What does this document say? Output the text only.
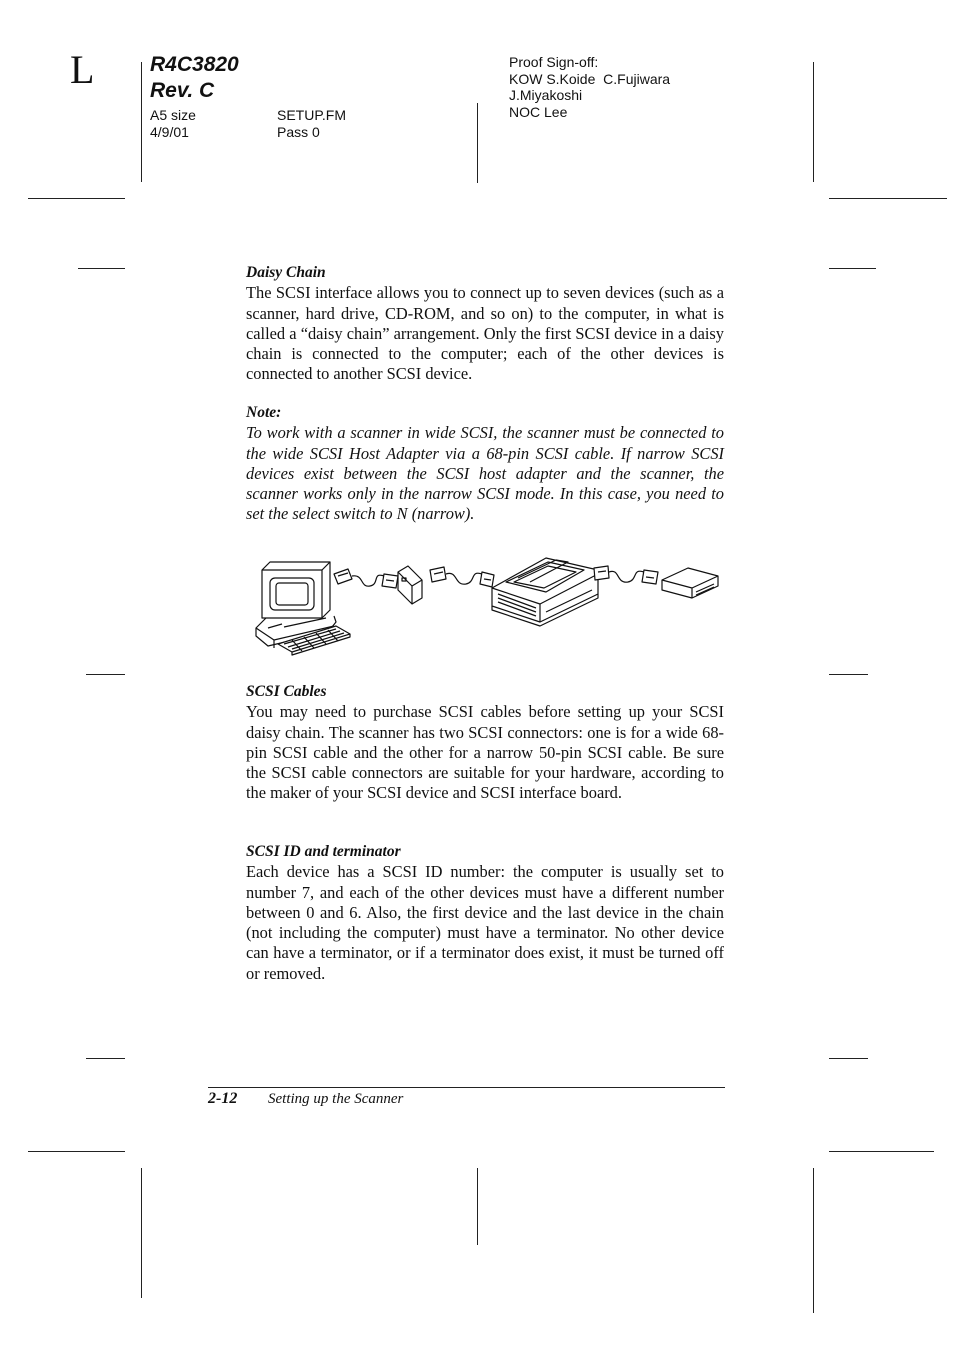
L	R4C3820
Rev. C
A5 size
4/9/01
SETUP.FM
Pass 0
Proof Sign-off:
KOW S.Koide  C.Fujiwara
J.Miyakoshi
NOC Lee

Daisy Chain

The SCSI interface allows you to connect up to seven devices (such as a scanner, hard drive, CD-ROM, and so on) to the computer, in what is called a “daisy chain” arrangement. Only the first SCSI device in a daisy chain is connected to the computer; each of the other devices is connected to another SCSI device.

Note:

To work with a scanner in wide SCSI, the scanner must be connected to the wide SCSI Host Adapter via a 68-pin SCSI cable. If narrow SCSI devices exist between the SCSI host adapter and the scanner, the scanner works only in the narrow SCSI mode. In this case, you need to set the select switch to N (narrow).

SCSI Cables

You may need to purchase SCSI cables before setting up your SCSI daisy chain. The scanner has two SCSI connectors: one is for a wide 68-pin SCSI cable and the other for a narrow 50-pin SCSI cable. Be sure the SCSI cable connectors are suitable for your hardware, according to the maker of your SCSI device and SCSI interface board.

SCSI ID and terminator

Each device has a SCSI ID number: the computer is usually set to number 7, and each of the other devices must have a different number between 0 and 6. Also, the first device and the last device in the chain (not including the computer) must have a terminator. No other device can have a terminator, or if a terminator does exist, it must be turned off or removed.

2-12 Setting up the Scanner
